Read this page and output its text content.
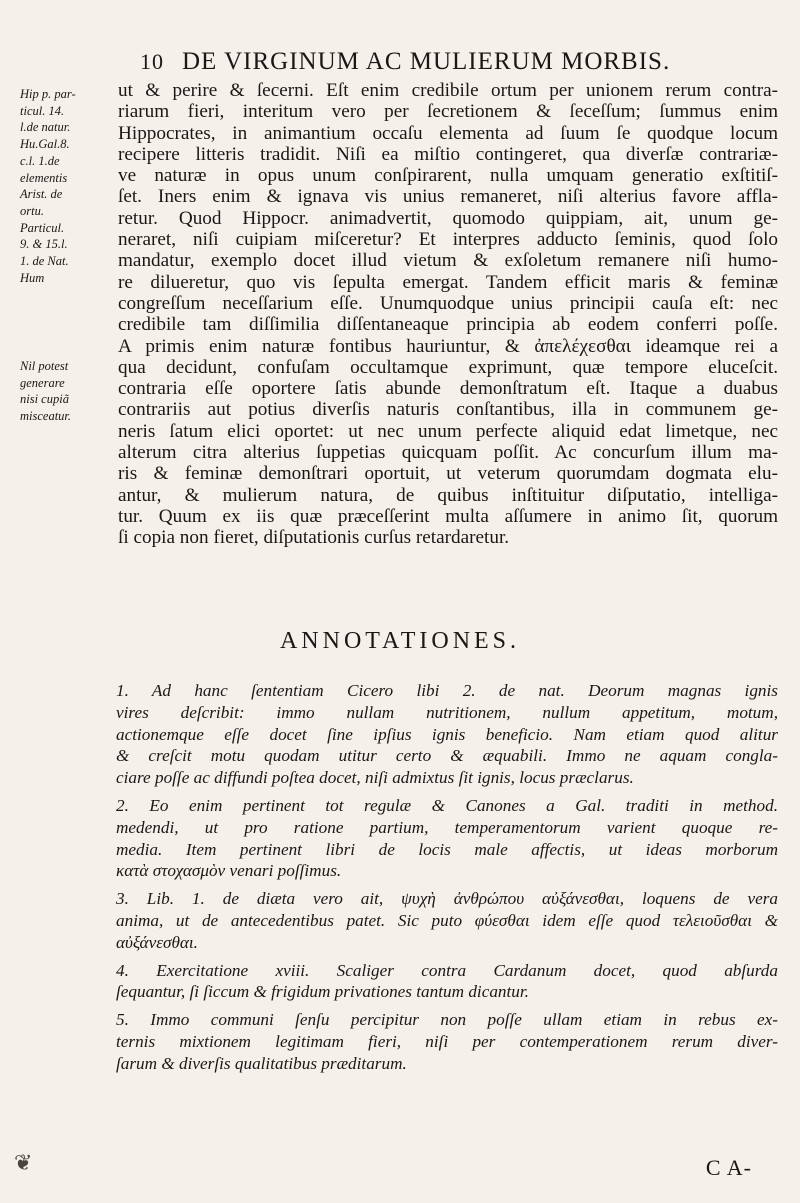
10 DE VIRGINUM AC MULIERUM MORBIS.
Hip p. par-
ticul. 14.
l.de natur.
Hu.Gal.8.
c.l. 1.de
elementis
Arist. de
ortu.
Particul.
9. & 15.l.
1. de Nat.
Hum
Nil potest
generare
nisi cupiã
misceatur.
ut & perire & ſecerni. Eſt enim credibile ortum per unionem rerum contra-
riarum fieri, interitum vero per ſecretionem & ſeceſſum; ſummus enim
Hippocrates, in animantium occaſu elementa ad ſuum ſe quodque locum
recipere litteris tradidit. Niſi ea miſtio contingeret, qua diverſæ contrariæ-
ve naturæ in opus unum conſpirarent, nulla umquam generatio exſtitiſ-
ſet. Iners enim & ignava vis unius remaneret, niſi alterius favore affla-
retur. Quod Hippocr. animadvertit, quomodo quippiam, ait, unum ge-
neraret, niſi cuipiam miſceretur? Et interpres adducto ſeminis, quod ſolo
mandatur, exemplo docet illud vietum & exſoletum remanere niſi humo-
re dilueretur, quo vis ſepulta emergat. Tandem efficit maris & feminæ
congreſſum neceſſarium eſſe. Unumquodque unius principii cauſa eſt: nec
credibile tam diſſimilia diſſentaneaque principia ab eodem conferri poſſe.
A primis enim naturæ fontibus hauriuntur, & ἀπελέχεσθαι ideamque rei a
qua decidunt, confuſam occultamque exprimunt, quæ tempore eluceſcit.
contraria eſſe oportere ſatis abunde demonſtratum eſt. Itaque a duabus
contrariis aut potius diverſis naturis conſtantibus, illa in communem ge-
neris ſatum elici oportet: ut nec unum perfecte aliquid edat limetque, nec
alterum citra alterius ſuppetias quicquam poſſit. Ac concurſum illum ma-
ris & feminæ demonſtrari oportuit, ut veterum quorumdam dogmata elu-
antur, & mulierum natura, de quibus inſtituitur diſputatio, intelliga-
tur. Quum ex iis quæ præceſſerint multa aſſumere in animo ſit, quorum
ſi copia non fieret, diſputationis curſus retardaretur.
ANNOTATIONES.
1. Ad hanc ſententiam Cicero libi 2. de nat. Deorum magnas ignis
vires deſcribit: immo nullam nutritionem, nullum appetitum, motum,
actionemque eſſe docet ſine ipſius ignis beneficio. Nam etiam quod alitur
& creſcit motu quodam utitur certo & æquabili. Immo ne aquam congla-
ciare poſſe ac diffundi poſtea docet, niſi admixtus ſit ignis, locus præclarus.
2. Eo enim pertinent tot regulæ & Canones a Gal. traditi in method.
medendi, ut pro ratione partium, temperamentorum varient quoque re-
media. Item pertinent libri de locis male affectis, ut ideas morborum
κατὰ στοχασμὸν venari poſſimus.
3. Lib. 1. de diæta vero ait, ψυχὴ ἀνθρώπου αὐξάνεσθαι, loquens de vera
anima, ut de antecedentibus patet. Sic puto φύεσθαι idem eſſe quod τελειοῦσθαι &
αὐξάνεσθαι.
4. Exercitatione xviii. Scaliger contra Cardanum docet, quod abſurda
ſequantur, ſi ſiccum & frigidum privationes tantum dicantur.
5. Immo communi ſenſu percipitur non poſſe ullam etiam in rebus ex-
ternis mixtionem legitimam fieri, niſi per contemperationem rerum diver-
ſarum & diverſis qualitatibus præditarum.
❦	C A-
